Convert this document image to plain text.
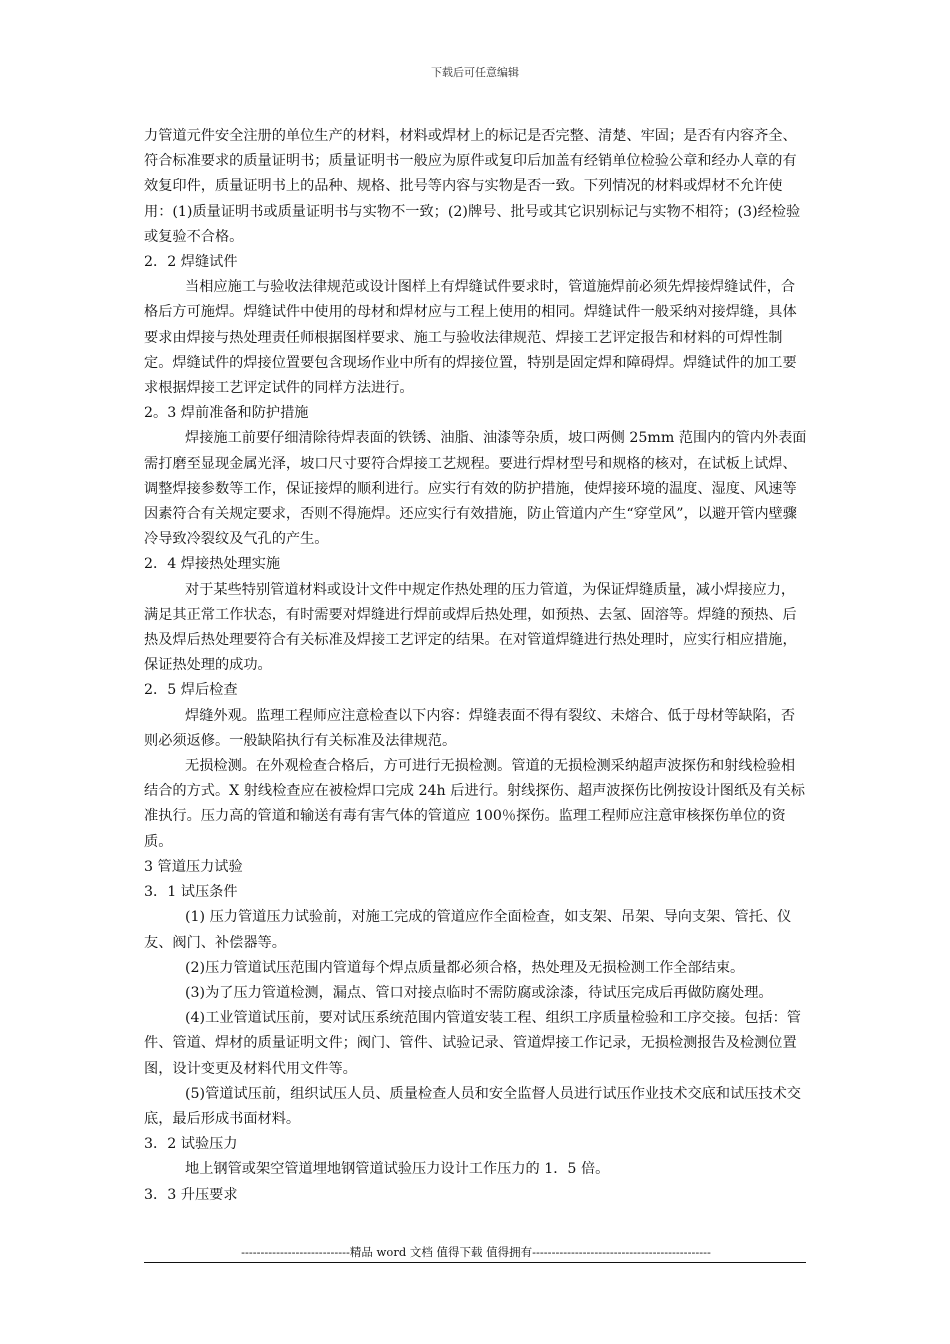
下载后可任意编辑

力管道元件安全注册的单位生产的材料，材料或焊材上的标记是否完整、清楚、牢固；是否有内容齐全、符合标准要求的质量证明书；质量证明书一般应为原件或复印后加盖有经销单位检验公章和经办人章的有效复印件，质量证明书上的品种、规格、批号等内容与实物是否一致。下列情况的材料或焊材不允许使用：(1)质量证明书或质量证明书与实物不一致；(2)牌号、批号或其它识别标记与实物不相符；(3)经检验或复验不合格。

2．2 焊缝试件

当相应施工与验收法律规范或设计图样上有焊缝试件要求时，管道施焊前必须先焊接焊缝试件，合格后方可施焊。焊缝试件中使用的母材和焊材应与工程上使用的相同。焊缝试件一般采纳对接焊缝，具体要求由焊接与热处理责任师根据图样要求、施工与验收法律规范、焊接工艺评定报告和材料的可焊性制定。焊缝试件的焊接位置要包含现场作业中所有的焊接位置，特别是固定焊和障碍焊。焊缝试件的加工要求根据焊接工艺评定试件的同样方法进行。

2。3 焊前准备和防护措施

焊接施工前要仔细清除待焊表面的铁锈、油脂、油漆等杂质，坡口两侧 25mm 范围内的管内外表面需打磨至显现金属光泽，坡口尺寸要符合焊接工艺规程。要进行焊材型号和规格的核对，在试板上试焊、调整焊接参数等工作，保证接焊的顺利进行。应实行有效的防护措施，使焊接环境的温度、湿度、风速等因素符合有关规定要求，否则不得施焊。还应实行有效措施，防止管道内产生“穿堂风”，以避开管内壁骤冷导致冷裂纹及气孔的产生。

2．4 焊接热处理实施

对于某些特别管道材料或设计文件中规定作热处理的压力管道，为保证焊缝质量，减小焊接应力，满足其正常工作状态，有时需要对焊缝进行焊前或焊后热处理，如预热、去氢、固溶等。焊缝的预热、后热及焊后热处理要符合有关标准及焊接工艺评定的结果。在对管道焊缝进行热处理时，应实行相应措施，保证热处理的成功。

2．5 焊后检查

焊缝外观。监理工程师应注意检查以下内容：焊缝表面不得有裂纹、未熔合、低于母材等缺陷，否则必须返修。一般缺陷执行有关标准及法律规范。

无损检测。在外观检查合格后，方可进行无损检测。管道的无损检测采纳超声波探伤和射线检验相结合的方式。X 射线检查应在被检焊口完成 24h 后进行。射线探伤、超声波探伤比例按设计图纸及有关标准执行。压力高的管道和输送有毒有害气体的管道应 100％探伤。监理工程师应注意审核探伤单位的资质。

3 管道压力试验

3．1 试压条件

(1) 压力管道压力试验前，对施工完成的管道应作全面检查，如支架、吊架、导向支架、管托、仪友、阀门、补偿器等。

(2)压力管道试压范围内管道每个焊点质量都必须合格，热处理及无损检测工作全部结束。

(3)为了压力管道检测，漏点、管口对接点临时不需防腐或涂漆，待试压完成后再做防腐处理。

(4)工业管道试压前，要对试压系统范围内管道安装工程、组织工序质量检验和工序交接。包括：管件、管道、焊材的质量证明文件；阀门、管件、试验记录、管道焊接工作记录，无损检测报告及检测位置图，设计变更及材料代用文件等。

(5)管道试压前，组织试压人员、质量检查人员和安全监督人员进行试压作业技术交底和试压技术交底，最后形成书面材料。

3．2 试验压力

地上钢管或架空管道埋地钢管道试验压力设计工作压力的 1．5 倍。

3．3 升压要求

----------------------------精品 word 文档 值得下载 值得拥有----------------------------------------------
